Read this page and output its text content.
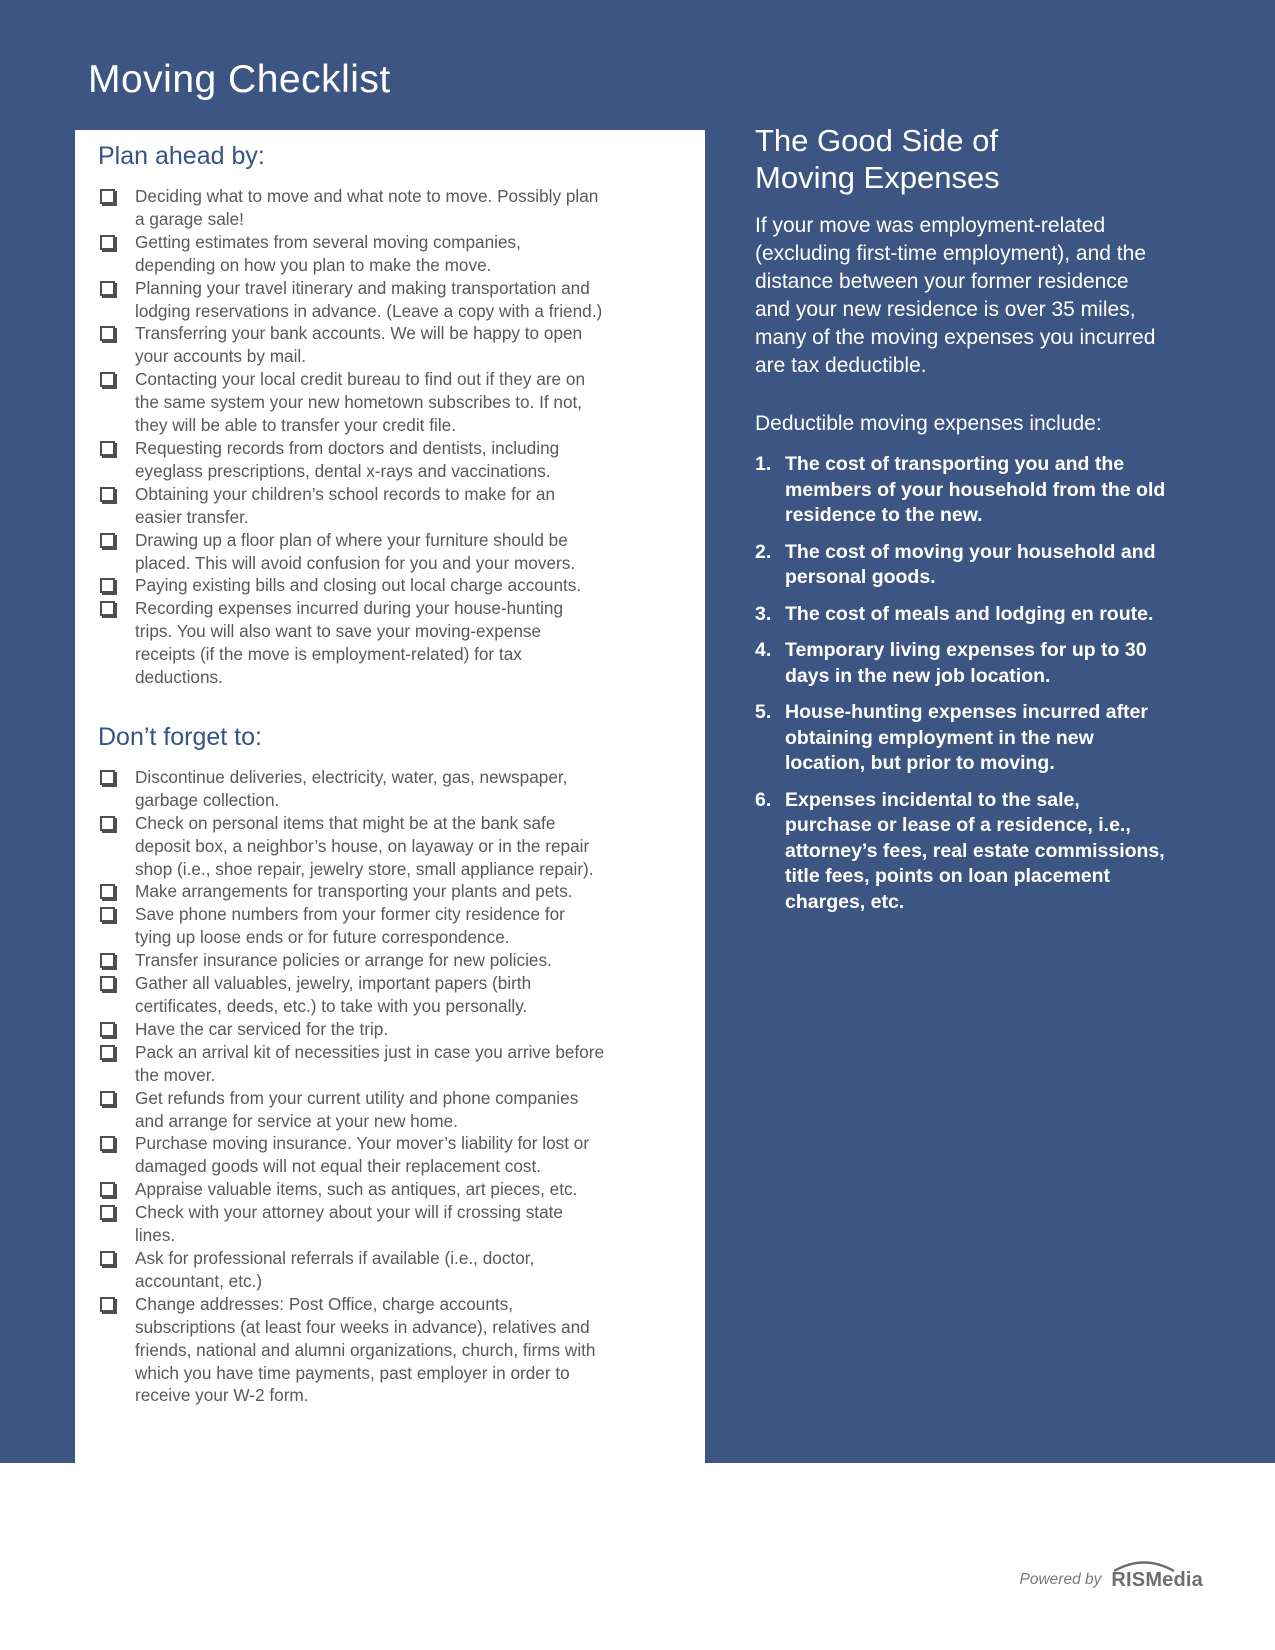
Moving Checklist
Plan ahead by:
Deciding what to move and what note to move. Possibly plan a garage sale!
Getting estimates from several moving companies, depending on how you plan to make the move.
Planning your travel itinerary and making transportation and lodging reservations in advance. (Leave a copy with a friend.)
Transferring your bank accounts. We will be happy to open your accounts by mail.
Contacting your local credit bureau to find out if they are on the same system your new hometown subscribes to. If not, they will be able to transfer your credit file.
Requesting records from doctors and dentists, including eyeglass prescriptions, dental x-rays and vaccinations.
Obtaining your children’s school records to make for an easier transfer.
Drawing up a floor plan of where your furniture should be placed. This will avoid confusion for you and your movers.
Paying existing bills and closing out local charge accounts.
Recording expenses incurred during your house-hunting trips. You will also want to save your moving-expense receipts (if the move is employment-related) for tax deductions.
Don’t forget to:
Discontinue deliveries, electricity, water, gas, newspaper, garbage collection.
Check on personal items that might be at the bank safe deposit box, a neighbor’s house, on layaway or in the repair shop (i.e., shoe repair, jewelry store, small appliance repair).
Make arrangements for transporting your plants and pets.
Save phone numbers from your former city residence for tying up loose ends or for future correspondence.
Transfer insurance policies or arrange for new policies.
Gather all valuables, jewelry, important papers (birth certificates, deeds, etc.) to take with you personally.
Have the car serviced for the trip.
Pack an arrival kit of necessities just in case you arrive before the mover.
Get refunds from your current utility and phone companies and arrange for service at your new home.
Purchase moving insurance. Your mover’s liability for lost or damaged goods will not equal their replacement cost.
Appraise valuable items, such as antiques, art pieces, etc.
Check with your attorney about your will if crossing state lines.
Ask for professional referrals if available (i.e., doctor, accountant, etc.)
Change addresses: Post Office, charge accounts, subscriptions (at least four weeks in advance), relatives and friends, national and alumni organizations, church, firms with which you have time payments, past employer in order to receive your W-2 form.
The Good Side of Moving Expenses

If your move was employment-related (excluding first-time employment), and the distance between your former residence and your new residence is over 35 miles, many of the moving expenses you incurred are tax deductible.

Deductible moving expenses include:
1. The cost of transporting you and the members of your household from the old residence to the new.
2. The cost of moving your household and personal goods.
3. The cost of meals and lodging en route.
4. Temporary living expenses for up to 30 days in the new job location.
5. House-hunting expenses incurred after obtaining employment in the new location, but prior to moving.
6. Expenses incidental to the sale, purchase or lease of a residence, i.e., attorney’s fees, real estate commissions, title fees, points on loan placement charges, etc.

Powered by RISMedia
